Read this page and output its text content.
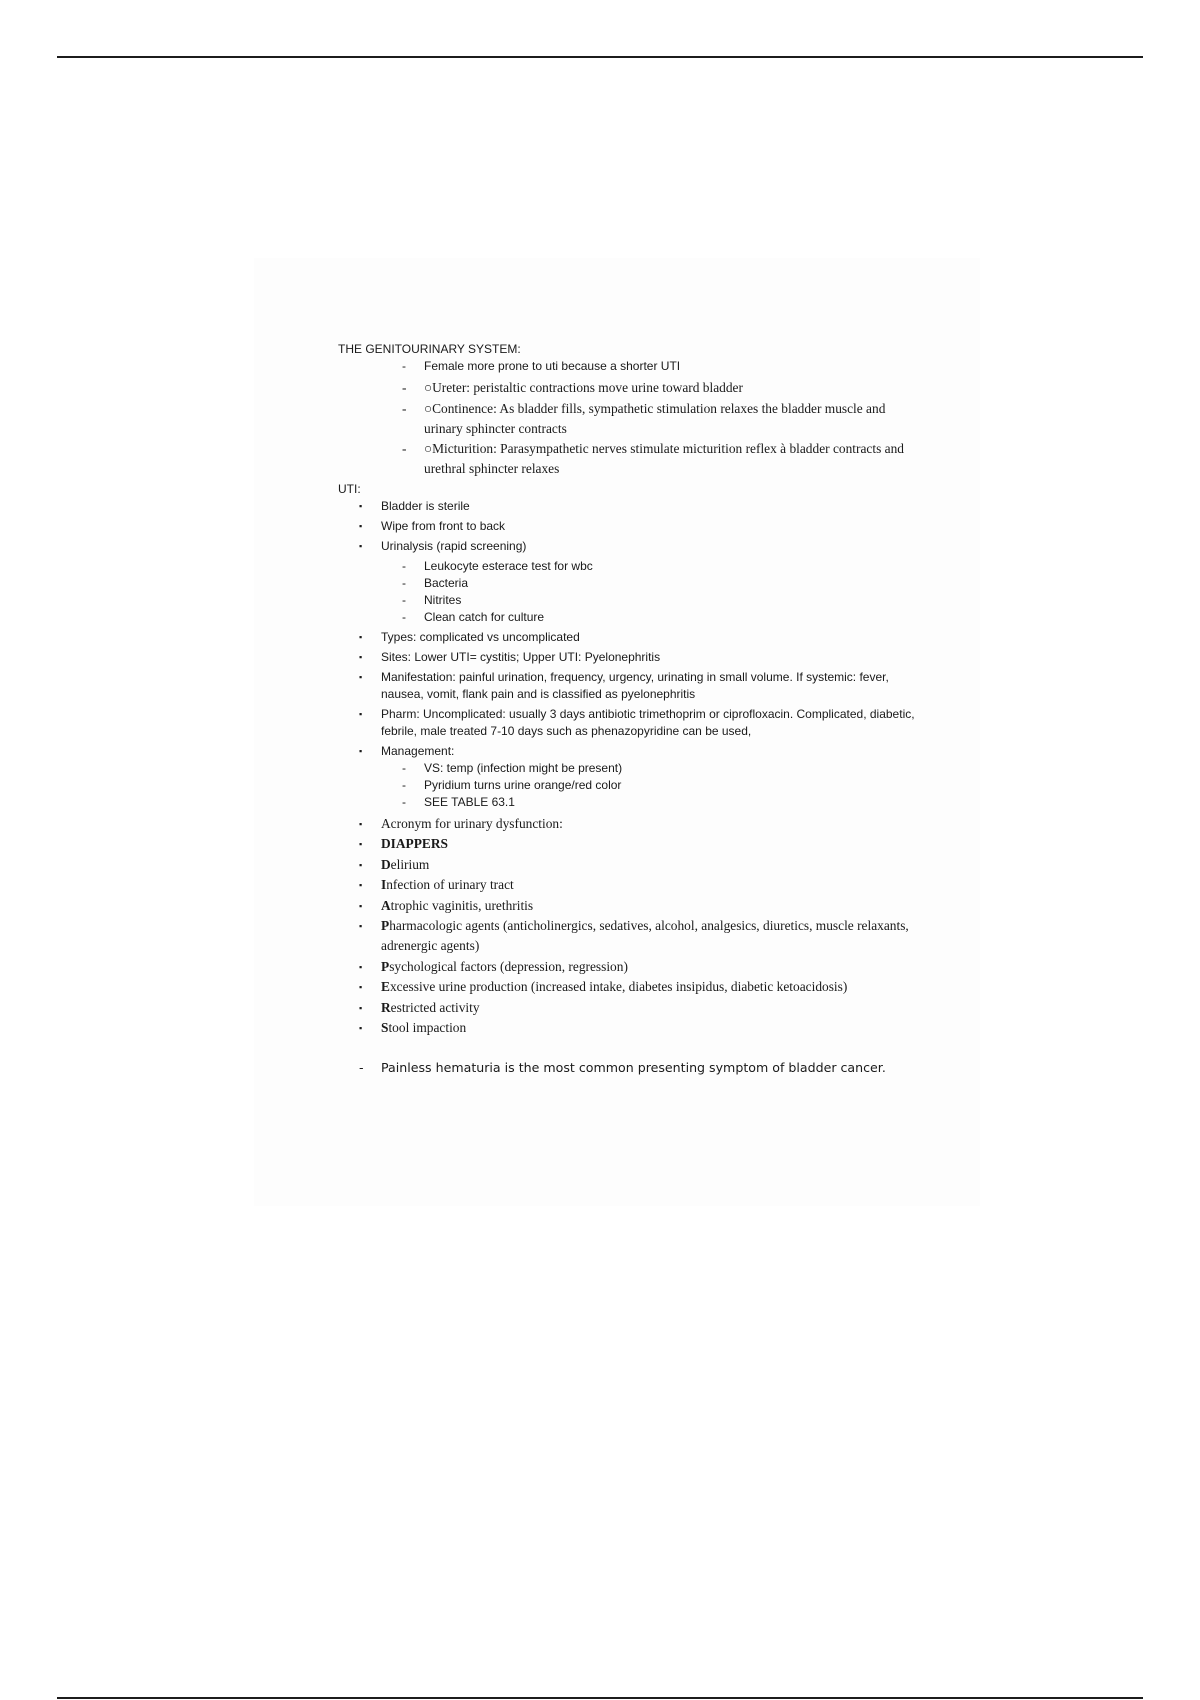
THE GENITOURINARY SYSTEM:
-	Female more prone to uti because a shorter UTI
-	○Ureter: peristaltic contractions move urine toward bladder
-	○Continence: As bladder fills, sympathetic stimulation relaxes the bladder muscle and urinary sphincter contracts
-	○Micturition: Parasympathetic nerves stimulate micturition reflex à bladder contracts and urethral sphincter relaxes
UTI:
▪	Bladder is sterile
▪	Wipe from front to back
▪	Urinalysis (rapid screening)
-	Leukocyte esterace test for wbc
-	Bacteria
-	Nitrites
-	Clean catch for culture
▪	Types: complicated vs uncomplicated
▪	Sites: Lower UTI= cystitis; Upper UTI: Pyelonephritis
▪	Manifestation: painful urination, frequency, urgency, urinating in small volume. If systemic: fever, nausea, vomit, flank pain and is classified as pyelonephritis
▪	Pharm: Uncomplicated: usually 3 days antibiotic trimethoprim or ciprofloxacin. Complicated, diabetic, febrile, male treated 7-10 days such as phenazopyridine can be used,
▪	Management:
-	VS: temp (infection might be present)
-	Pyridium turns urine orange/red color
-	SEE TABLE 63.1
▪	Acronym for urinary dysfunction:
▪	DIAPPERS
▪	Delirium
▪	Infection of urinary tract
▪	Atrophic vaginitis, urethritis
▪	Pharmacologic agents (anticholinergics, sedatives, alcohol, analgesics, diuretics, muscle relaxants, adrenergic agents)
▪	Psychological factors (depression, regression)
▪	Excessive urine production (increased intake, diabetes insipidus, diabetic ketoacidosis)
▪	Restricted activity
▪	Stool impaction
-	Painless hematuria is the most common presenting symptom of bladder cancer.
